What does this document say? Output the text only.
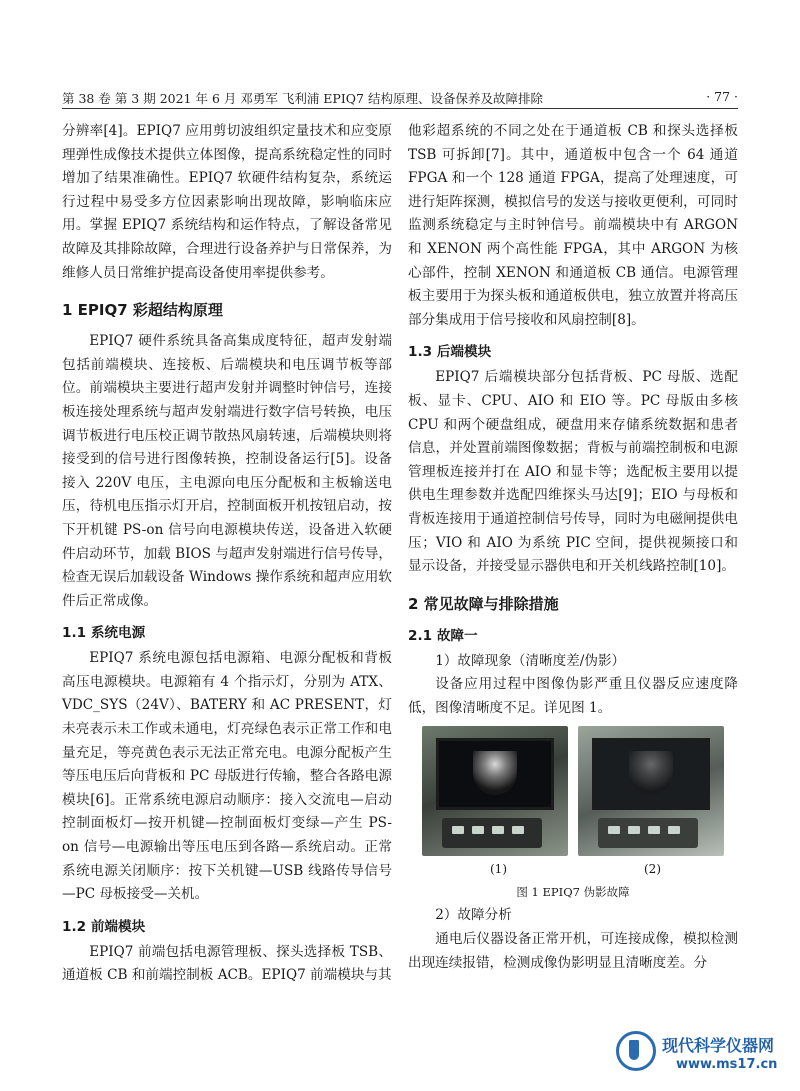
第 38 卷 第 3 期 2021 年 6 月 邓勇军 飞利浦 EPIQ7 结构原理、设备保养及故障排除	· 77 ·

分辨率[4]。EPIQ7 应用剪切波组织定量技术和应变原理弹性成像技术提供立体图像，提高系统稳定性的同时增加了结果准确性。EPIQ7 软硬件结构复杂，系统运行过程中易受多方位因素影响出现故障，影响临床应用。掌握 EPIQ7 系统结构和运作特点，了解设备常见故障及其排除故障，合理进行设备养护与日常保养，为维修人员日常维护提高设备使用率提供参考。

1 EPIQ7 彩超结构原理

EPIQ7 硬件系统具备高集成度特征，超声发射端包括前端模块、连接板、后端模块和电压调节板等部位。前端模块主要进行超声发射并调整时钟信号，连接板连接处理系统与超声发射端进行数字信号转换，电压调节板进行电压校正调节散热风扇转速，后端模块则将接受到的信号进行图像转换，控制设备运行[5]。设备接入 220V 电压，主电源向电压分配板和主板输送电压，待机电压指示灯开启，控制面板开机按钮启动，按下开机键 PS-on 信号向电源模块传送，设备进入软硬件启动环节，加载 BIOS 与超声发射端进行信号传导，检查无误后加载设备 Windows 操作系统和超声应用软件后正常成像。

1.1 系统电源

EPIQ7 系统电源包括电源箱、电源分配板和背板高压电源模块。电源箱有 4 个指示灯，分别为 ATX、VDC_SYS（24V）、BATERY 和 AC PRESENT，灯未亮表示未工作或未通电，灯亮绿色表示正常工作和电量充足，等亮黄色表示无法正常充电。电源分配板产生等压电压后向背板和 PC 母版进行传输，整合各路电源模块[6]。正常系统电源启动顺序：接入交流电—启动控制面板灯—按开机键—控制面板灯变绿—产生 PS-on 信号—电源输出等压电压到各路—系统启动。正常系统电源关闭顺序：按下关机键—USB 线路传导信号—PC 母板接受—关机。

1.2 前端模块

EPIQ7 前端包括电源管理板、探头选择板 TSB、通道板 CB 和前端控制板 ACB。EPIQ7 前端模块与其

他彩超系统的不同之处在于通道板 CB 和探头选择板 TSB 可拆卸[7]。其中，通道板中包含一个 64 通道 FPGA 和一个 128 通道 FPGA，提高了处理速度，可进行矩阵探测，模拟信号的发送与接收更便利，可同时监测系统稳定与主时钟信号。前端模块中有 ARGON 和 XENON 两个高性能 FPGA，其中 ARGON 为核心部件，控制 XENON 和通道板 CB 通信。电源管理板主要用于为探头板和通道板供电，独立放置并将高压部分集成用于信号接收和风扇控制[8]。

1.3 后端模块

EPIQ7 后端模块部分包括背板、PC 母版、选配板、显卡、CPU、AIO 和 EIO 等。PC 母版由多核 CPU 和两个硬盘组成，硬盘用来存储系统数据和患者信息，并处置前端图像数据；背板与前端控制板和电源管理板连接并打在 AIO 和显卡等；选配板主要用以提供电生理参数并选配四维探头马达[9]；EIO 与母板和背板连接用于通道控制信号传导，同时为电磁闸提供电压；VIO 和 AIO 为系统 PIC 空间，提供视频接口和显示设备，并接受显示器供电和开关机线路控制[10]。

2 常见故障与排除措施
2.1 故障一

1）故障现象（清晰度差/伪影）

设备应用过程中图像伪影严重且仪器反应速度降低，图像清晰度不足。详见图 1。

(1)	(2)
图 1 EPIQ7 伪影故障

2）故障分析

通电后仪器设备正常开机，可连接成像，模拟检测出现连续报错，检测成像伪影明显且清晰度差。分

现代科学仪器网
www.ms17.cn
